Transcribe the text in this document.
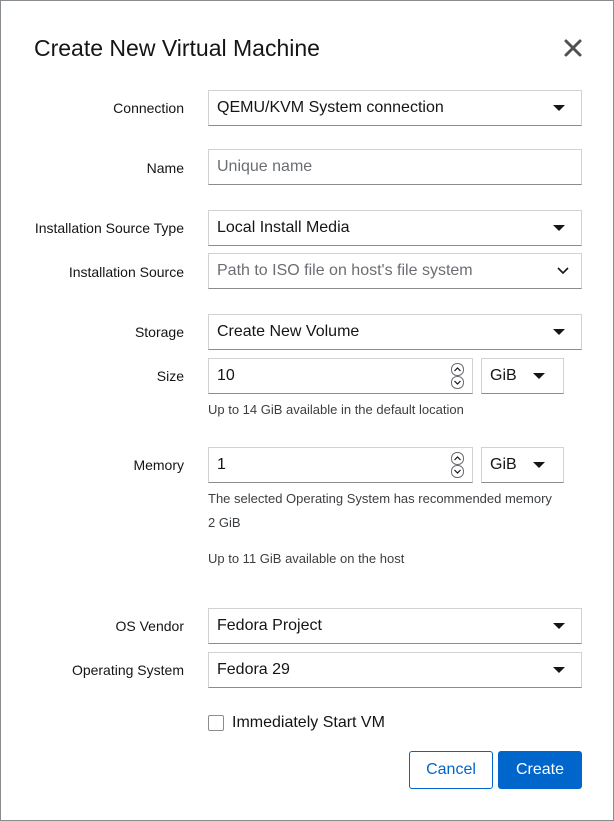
Create New Virtual Machine
Connection	QEMU/KVM System connection
Name	Unique name
Installation Source Type	Local Install Media
Installation Source	Path to ISO file on host's file system
Storage	Create New Volume
Size	10	GiB
Up to 14 GiB available in the default location
Memory	1	GiB
The selected Operating System has recommended memory
2 GiB
Up to 11 GiB available on the host
OS Vendor	Fedora Project
Operating System	Fedora 29
Immediately Start VM
Cancel	Create
